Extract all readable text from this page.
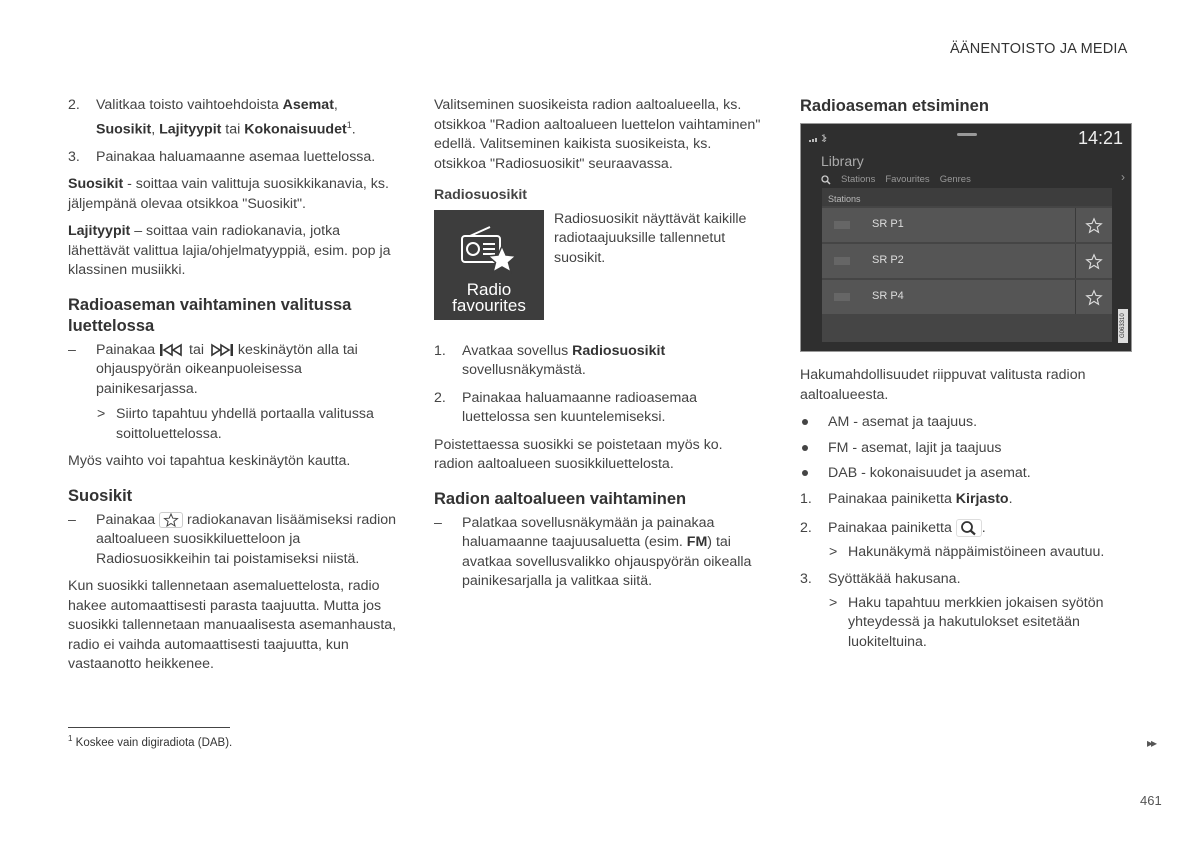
ÄÄNENTOISTO JA MEDIA
2. Valitkaa toisto vaihtoehdoista Asemat, Suosikit, Lajityypit tai Kokonaisuudet$^1$.
3. Painakaa haluamaanne asemaa luettelossa.

Suosikit - soittaa vain valittuja suosikkikanavia, ks. jäljempänä olevaa otsikkoa "Suosikit".

Lajityypit – soittaa vain radiokanavia, jotka lähettävät valittua lajia/ohjelmatyyppiä, esim. pop ja klassinen musiikki.

Radioaseman vaihtaminen valitussa luettelossa
– Painakaa
tai
keskinäytön alla tai ohjauspyörän oikeanpuoleisessa painikesarjassa.
> Siirto tapahtuu yhdellä portaalla valitussa soittoluettelossa.

Myös vaihto voi tapahtua keskinäytön kautta.

Suosikit
– Painakaa
radiokanavan lisäämiseksi radion aaltoalueen suosikkiluetteloon ja Radiosuosikkeihin tai poistamiseksi niistä.

Kun suosikki tallennetaan asemaluettelosta, radio hakee automaattisesti parasta taajuutta. Mutta jos suosikki tallennetaan manuaalisesta asemanhausta, radio ei vaihda automaattisesti taajuutta, kun vastaanotto heikkenee.

Valitseminen suosikeista radion aaltoalueella, ks. otsikkoa "Radion aaltoalueen luettelon vaihtaminen" edellä. Valitseminen kaikista suosikeista, ks. otsikkoa "Radiosuosikit" seuraavassa.

Radiosuosikit
Radio
favourites
Radiosuosikit näyttävät kaikille radiotaajuuksille tallennetut suosikit.
1. Avatkaa sovellus Radiosuosikit sovellusnäkymästä.
2. Painakaa haluamaanne radioasemaa luettelossa sen kuuntelemiseksi.

Poistettaessa suosikki se poistetaan myös ko. radion aaltoalueen suosikkiluettelosta.

Radion aaltoalueen vaihtaminen
– Palatkaa sovellusnäkymään ja painakaa haluamaanne taajuusaluetta (esim. FM) tai avatkaa sovellusvalikko ohjauspyörän oikealla painikesarjalla ja valitkaa siitä.
Radioaseman etsiminen
14:21
Library
Stations Favourites Genres	›
Stations
SR P1
SR P2
SR P4
G063310

Hakumahdollisuudet riippuvat valitusta radion aaltoalueesta.

AM - asemat ja taajuus.
FM - asemat, lajit ja taajuus
DAB - kokonaisuudet ja asemat.
1. Painakaa painiketta Kirjasto.
2. Painakaa painiketta
.
> Hakunäkymä näppäimistöineen avautuu.
3. Syöttäkää hakusana.
> Haku tapahtuu merkkien jokaisen syötön yhteydessä ja hakutulokset esitetään luokiteltuina.
$^1$ Koskee vain digiradiota (DAB).	▸▸
461
